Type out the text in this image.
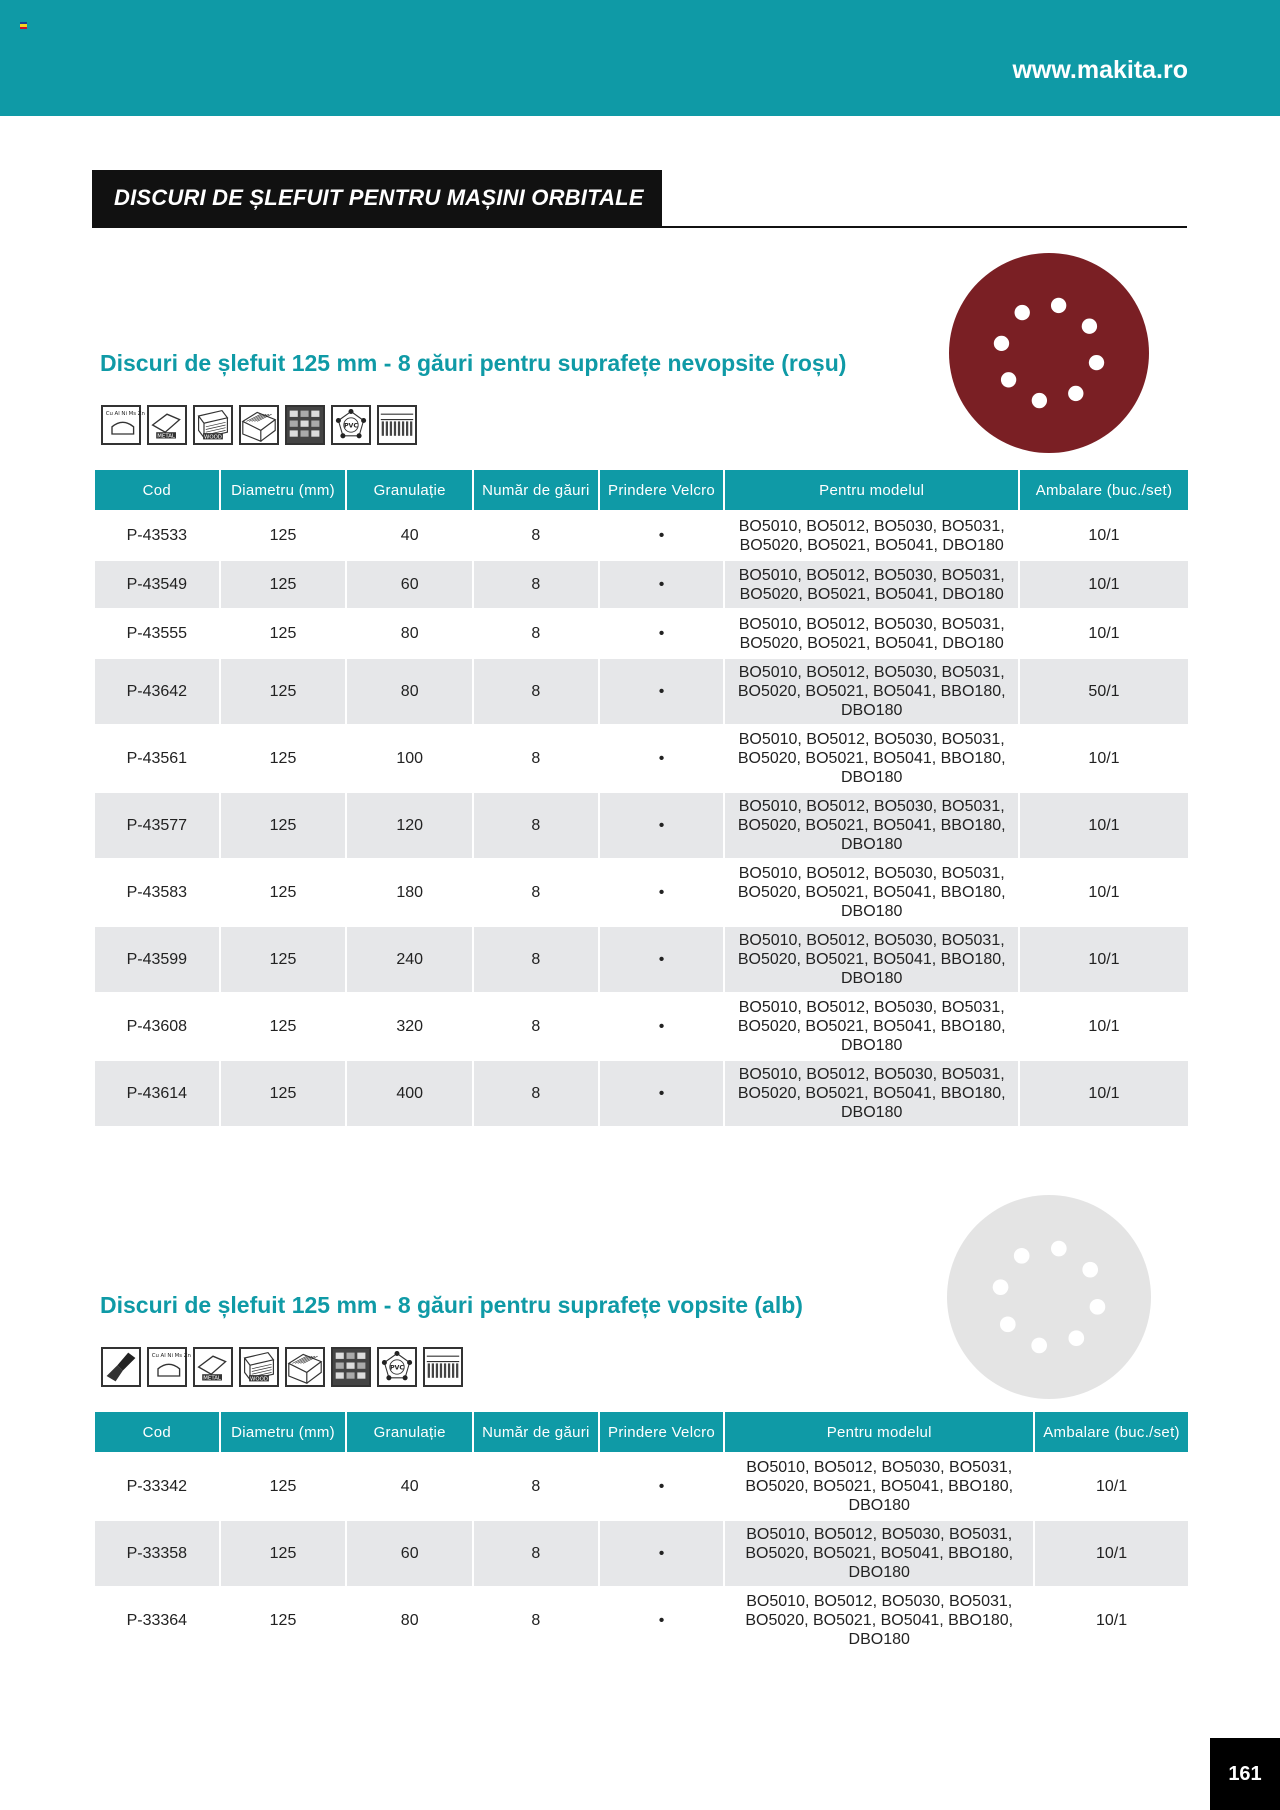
www.makita.ro
DISCURI DE ȘLEFUIT PENTRU MAȘINI ORBITALE
Discuri de șlefuit 125 mm - 8 găuri pentru suprafețe nevopsite (roșu)
Cu Al Ni Ms Zn
METAL	WOOD
PVC
Cod	Diametru (mm)	Granulație	Număr de găuri	Prindere Velcro	Pentru modelul	Ambalare (buc./set)
P-43533	125	40	8	•	BO5010, BO5012, BO5030, BO5031, BO5020, BO5021, BO5041, DBO180	10/1
P-43549	125	60	8	•	BO5010, BO5012, BO5030, BO5031, BO5020, BO5021, BO5041, DBO180	10/1
P-43555	125	80	8	•	BO5010, BO5012, BO5030, BO5031, BO5020, BO5021, BO5041, DBO180	10/1
P-43642	125	80	8	•	BO5010, BO5012, BO5030, BO5031, BO5020, BO5021, BO5041, BBO180, DBO180	50/1
P-43561	125	100	8	•	BO5010, BO5012, BO5030, BO5031, BO5020, BO5021, BO5041, BBO180, DBO180	10/1
P-43577	125	120	8	•	BO5010, BO5012, BO5030, BO5031, BO5020, BO5021, BO5041, BBO180, DBO180	10/1
P-43583	125	180	8	•	BO5010, BO5012, BO5030, BO5031, BO5020, BO5021, BO5041, BBO180, DBO180	10/1
P-43599	125	240	8	•	BO5010, BO5012, BO5030, BO5031, BO5020, BO5021, BO5041, BBO180, DBO180	10/1
P-43608	125	320	8	•	BO5010, BO5012, BO5030, BO5031, BO5020, BO5021, BO5041, BBO180, DBO180	10/1
P-43614	125	400	8	•	BO5010, BO5012, BO5030, BO5031, BO5020, BO5021, BO5041, BBO180, DBO180	10/1
Discuri de șlefuit 125 mm - 8 găuri pentru suprafețe vopsite (alb)
Cu Al Ni Ms Zn
METAL	WOOD
PVC
Cod	Diametru (mm)	Granulație	Număr de găuri	Prindere Velcro	Pentru modelul	Ambalare (buc./set)
P-33342	125	40	8	•	BO5010, BO5012, BO5030, BO5031, BO5020, BO5021, BO5041, BBO180, DBO180	10/1
P-33358	125	60	8	•	BO5010, BO5012, BO5030, BO5031, BO5020, BO5021, BO5041, BBO180, DBO180	10/1
P-33364	125	80	8	•	BO5010, BO5012, BO5030, BO5031, BO5020, BO5021, BO5041, BBO180, DBO180	10/1
161
